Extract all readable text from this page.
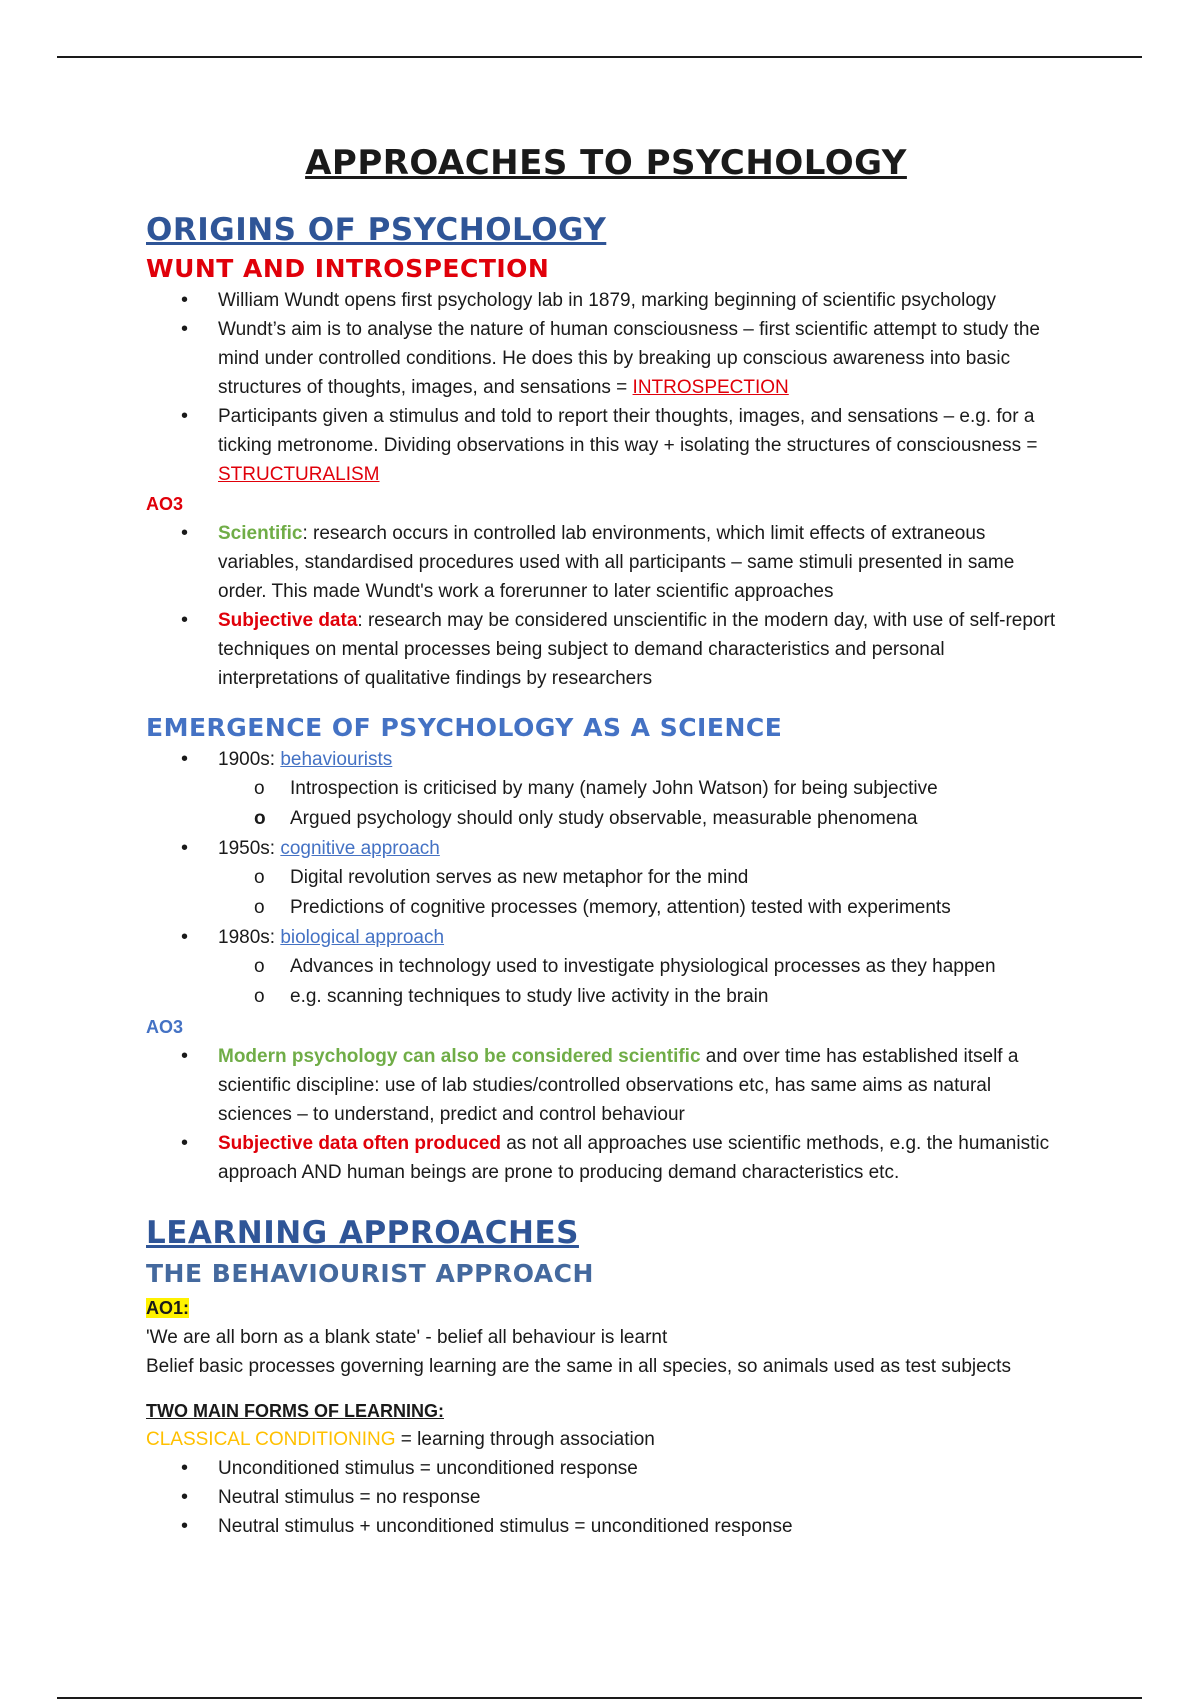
APPROACHES TO PSYCHOLOGY
ORIGINS OF PSYCHOLOGY
WUNT AND INTROSPECTION
• William Wundt opens first psychology lab in 1879, marking beginning of scientific psychology
• Wundt’s aim is to analyse the nature of human consciousness – first scientific attempt to study the mind under controlled conditions. He does this by breaking up conscious awareness into basic structures of thoughts, images, and sensations = INTROSPECTION
• Participants given a stimulus and told to report their thoughts, images, and sensations – e.g. for a ticking metronome. Dividing observations in this way + isolating the structures of consciousness = STRUCTURALISM

AO3

• Scientific: research occurs in controlled lab environments, which limit effects of extraneous variables, standardised procedures used with all participants – same stimuli presented in same order. This made Wundt's work a forerunner to later scientific approaches
• Subjective data: research may be considered unscientific in the modern day, with use of self-report techniques on mental processes being subject to demand characteristics and personal interpretations of qualitative findings by researchers
EMERGENCE OF PSYCHOLOGY AS A SCIENCE
• 1900s: behaviourists
o Introspection is criticised by many (namely John Watson) for being subjective
o Argued psychology should only study observable, measurable phenomena
• 1950s: cognitive approach
o Digital revolution serves as new metaphor for the mind
o Predictions of cognitive processes (memory, attention) tested with experiments
• 1980s: biological approach
o Advances in technology used to investigate physiological processes as they happen
o e.g. scanning techniques to study live activity in the brain

AO3

• Modern psychology can also be considered scientific and over time has established itself a scientific discipline: use of lab studies/controlled observations etc, has same aims as natural sciences – to understand, predict and control behaviour
• Subjective data often produced as not all approaches use scientific methods, e.g. the humanistic approach AND human beings are prone to producing demand characteristics etc.
LEARNING APPROACHES
THE BEHAVIOURIST APPROACH

AO1:

'We are all born as a blank state' - belief all behaviour is learnt

Belief basic processes governing learning are the same in all species, so animals used as test subjects

TWO MAIN FORMS OF LEARNING:

CLASSICAL CONDITIONING = learning through association

• Unconditioned stimulus = unconditioned response
• Neutral stimulus = no response
• Neutral stimulus + unconditioned stimulus = unconditioned response
